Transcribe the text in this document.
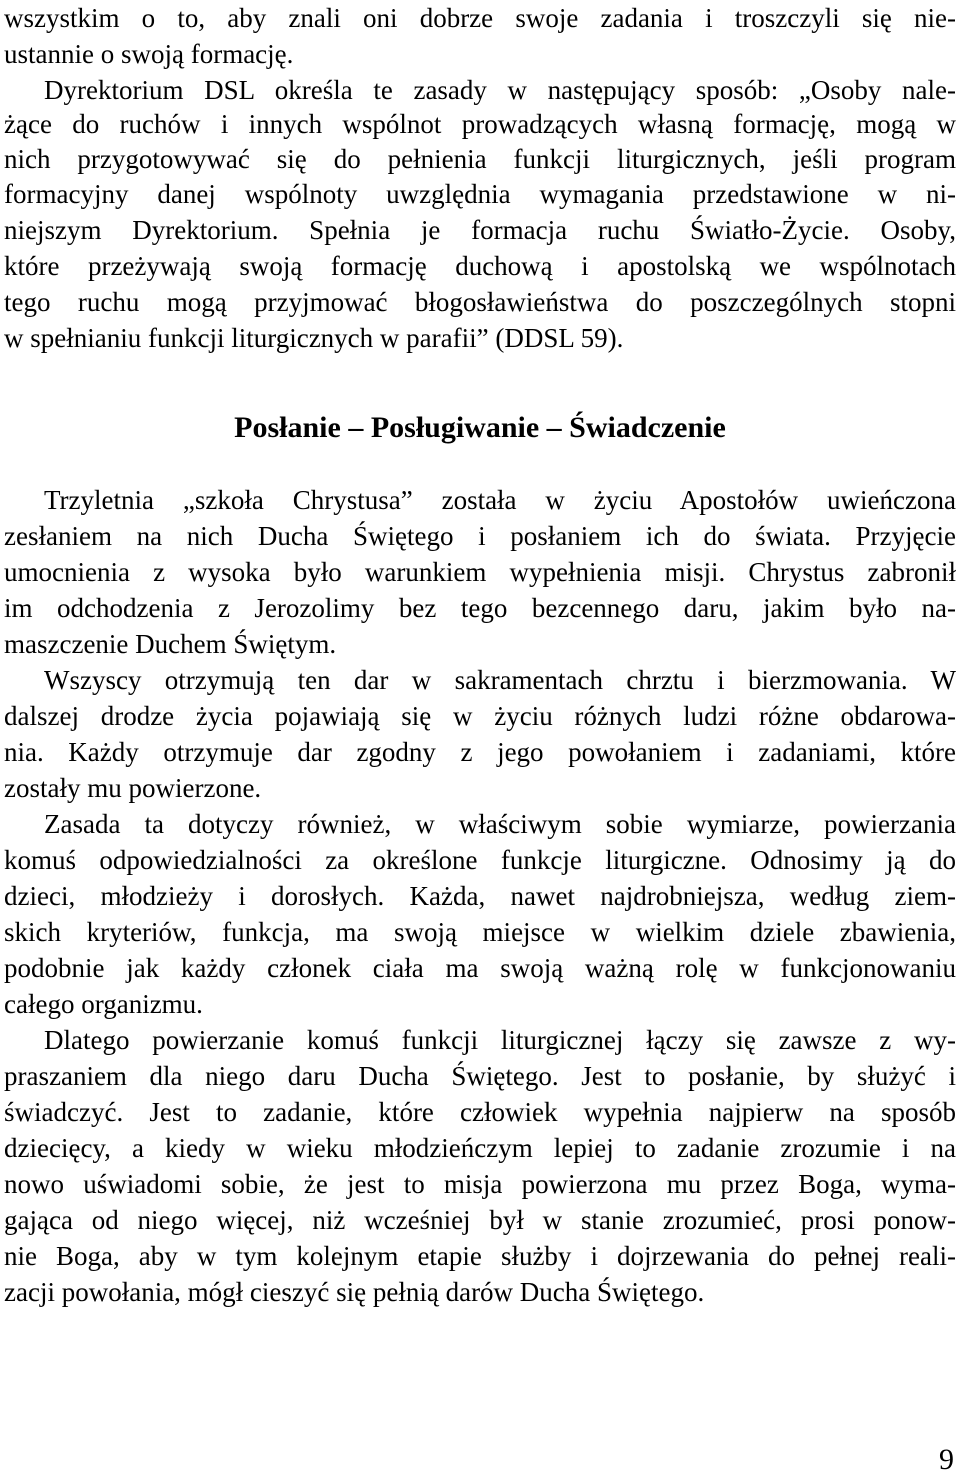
wszystkim o to, aby znali oni dobrze swoje zadania i troszczyli się nie-
ustannie o swoją formację.
Dyrektorium DSL określa te zasady w następujący sposób: „Osoby nale-
żące do ruchów i innych wspólnot prowadzących własną formację, mogą w
nich przygotowywać się do pełnienia funkcji liturgicznych, jeśli program
formacyjny danej wspólnoty uwzględnia wymagania przedstawione w ni-
niejszym Dyrektorium. Spełnia je formacja ruchu Światło-Życie. Osoby,
które przeżywają swoją formację duchową i apostolską we wspólnotach
tego ruchu mogą przyjmować błogosławieństwa do poszczególnych stopni
w spełnianiu funkcji liturgicznych w parafii” (DDSL 59).
Posłanie – Posługiwanie – Świadczenie
Trzyletnia „szkoła Chrystusa” została w życiu Apostołów uwieńczona
zesłaniem na nich Ducha Świętego i posłaniem ich do świata. Przyjęcie
umocnienia z wysoka było warunkiem wypełnienia misji. Chrystus zabronił
im odchodzenia z Jerozolimy bez tego bezcennego daru, jakim było na-
maszczenie Duchem Świętym.
Wszyscy otrzymują ten dar w sakramentach chrztu i bierzmowania. W
dalszej drodze życia pojawiają się w życiu różnych ludzi różne obdarowa-
nia. Każdy otrzymuje dar zgodny z jego powołaniem i zadaniami, które
zostały mu powierzone.
Zasada ta dotyczy również, w właściwym sobie wymiarze, powierzania
komuś odpowiedzialności za określone funkcje liturgiczne. Odnosimy ją do
dzieci, młodzieży i dorosłych. Każda, nawet najdrobniejsza, według ziem-
skich kryteriów, funkcja, ma swoją miejsce w wielkim dziele zbawienia,
podobnie jak każdy członek ciała ma swoją ważną rolę w funkcjonowaniu
całego organizmu.
Dlatego powierzanie komuś funkcji liturgicznej łączy się zawsze z wy-
praszaniem dla niego daru Ducha Świętego. Jest to posłanie, by służyć i
świadczyć. Jest to zadanie, które człowiek wypełnia najpierw na sposób
dziecięcy, a kiedy w wieku młodzieńczym lepiej to zadanie zrozumie i na
nowo uświadomi sobie, że jest to misja powierzona mu przez Boga, wyma-
gająca od niego więcej, niż wcześniej był w stanie zrozumieć, prosi ponow-
nie Boga, aby w tym kolejnym etapie służby i dojrzewania do pełnej reali-
zacji powołania, mógł cieszyć się pełnią darów Ducha Świętego.
9
